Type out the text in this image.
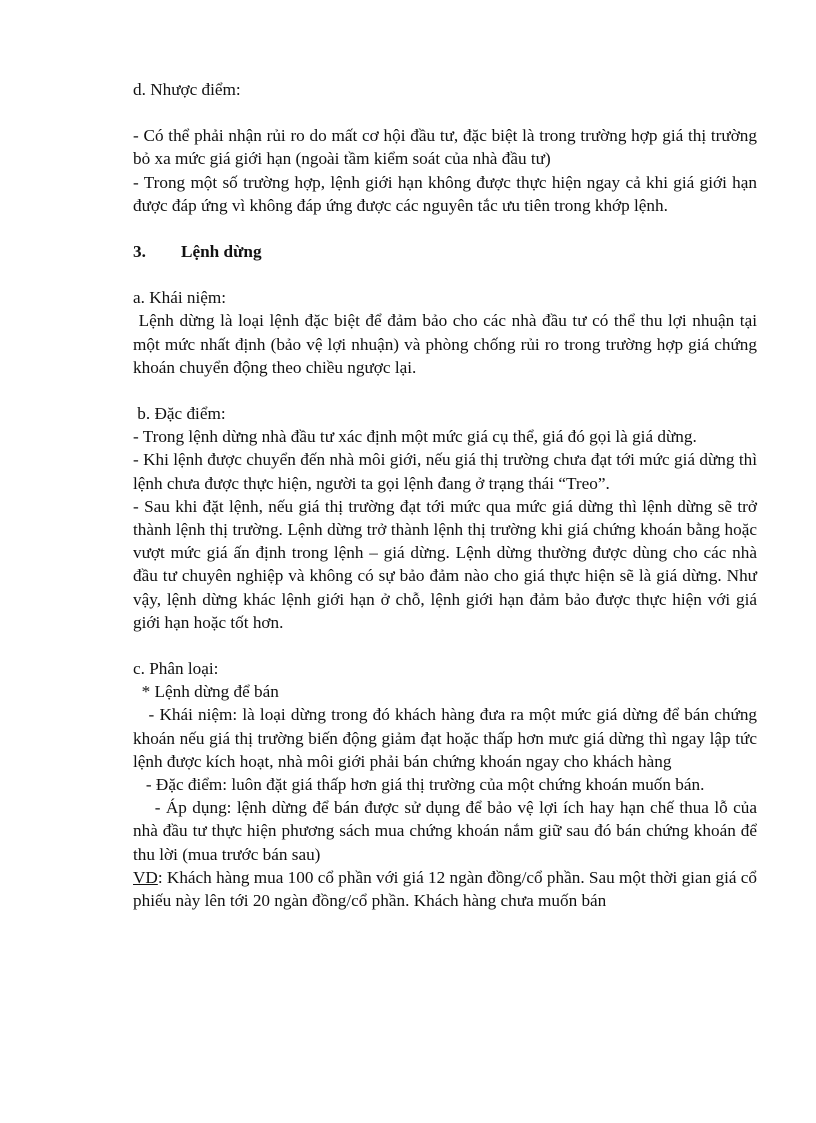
d. Nhược điểm:

- Có thể phải nhận rủi ro do mất cơ hội đầu tư, đặc biệt là trong trường hợp giá thị trường bỏ xa mức giá giới hạn (ngoài tầm kiểm soát của nhà đầu tư)

- Trong một số trường hợp, lệnh giới hạn không được thực hiện ngay cả khi giá giới hạn được đáp ứng vì không đáp ứng được các nguyên tắc ưu tiên trong khớp lệnh.

3.	Lệnh dừng

a. Khái niệm:

Lệnh dừng là loại lệnh đặc biệt để đảm bảo cho các nhà đầu tư có thể thu lợi nhuận tại một mức nhất định (bảo vệ lợi nhuận) và phòng chống rủi ro trong trường hợp giá chứng khoán chuyển động theo chiều ngược lại.

b. Đặc điểm:

- Trong lệnh dừng nhà đầu tư xác định một mức giá cụ thể, giá đó gọi là giá dừng.

- Khi lệnh được chuyển đến nhà môi giới, nếu giá thị trường chưa đạt tới mức giá dừng thì lệnh chưa được thực hiện, người ta gọi lệnh đang ở trạng thái “Treo”.

- Sau khi đặt lệnh, nếu giá thị trường đạt tới mức qua mức giá dừng thì lệnh dừng sẽ trở thành lệnh thị trường. Lệnh dừng trở thành lệnh thị trường khi giá chứng khoán bằng hoặc vượt mức giá ấn định trong lệnh – giá dừng. Lệnh dừng thường được dùng cho các nhà đầu tư chuyên nghiệp và không có sự bảo đảm nào cho giá thực hiện sẽ là giá dừng. Như vậy, lệnh dừng khác lệnh giới hạn ở chỗ, lệnh giới hạn đảm bảo được thực hiện với giá giới hạn hoặc tốt hơn.

c. Phân loại:

* Lệnh dừng để bán

- Khái niệm: là loại dừng trong đó khách hàng đưa ra một mức giá dừng để bán chứng khoán nếu giá thị trường biến động giảm đạt hoặc thấp hơn mưc giá dừng thì ngay lập tức lệnh được kích hoạt, nhà môi giới phải bán chứng khoán ngay cho khách hàng

- Đặc điểm: luôn đặt giá thấp hơn giá thị trường của một chứng khoán muốn bán.

- Áp dụng: lệnh dừng để bán được sử dụng để bảo vệ lợi ích hay hạn chế thua lỗ của nhà đầu tư thực hiện phương sách mua chứng khoán nắm giữ sau đó bán chứng khoán để thu lời (mua trước bán sau)

VD: Khách hàng mua 100 cổ phần với giá 12 ngàn đồng/cổ phần. Sau một thời gian giá cổ phiếu này lên tới 20 ngàn đồng/cổ phần. Khách hàng chưa muốn bán
